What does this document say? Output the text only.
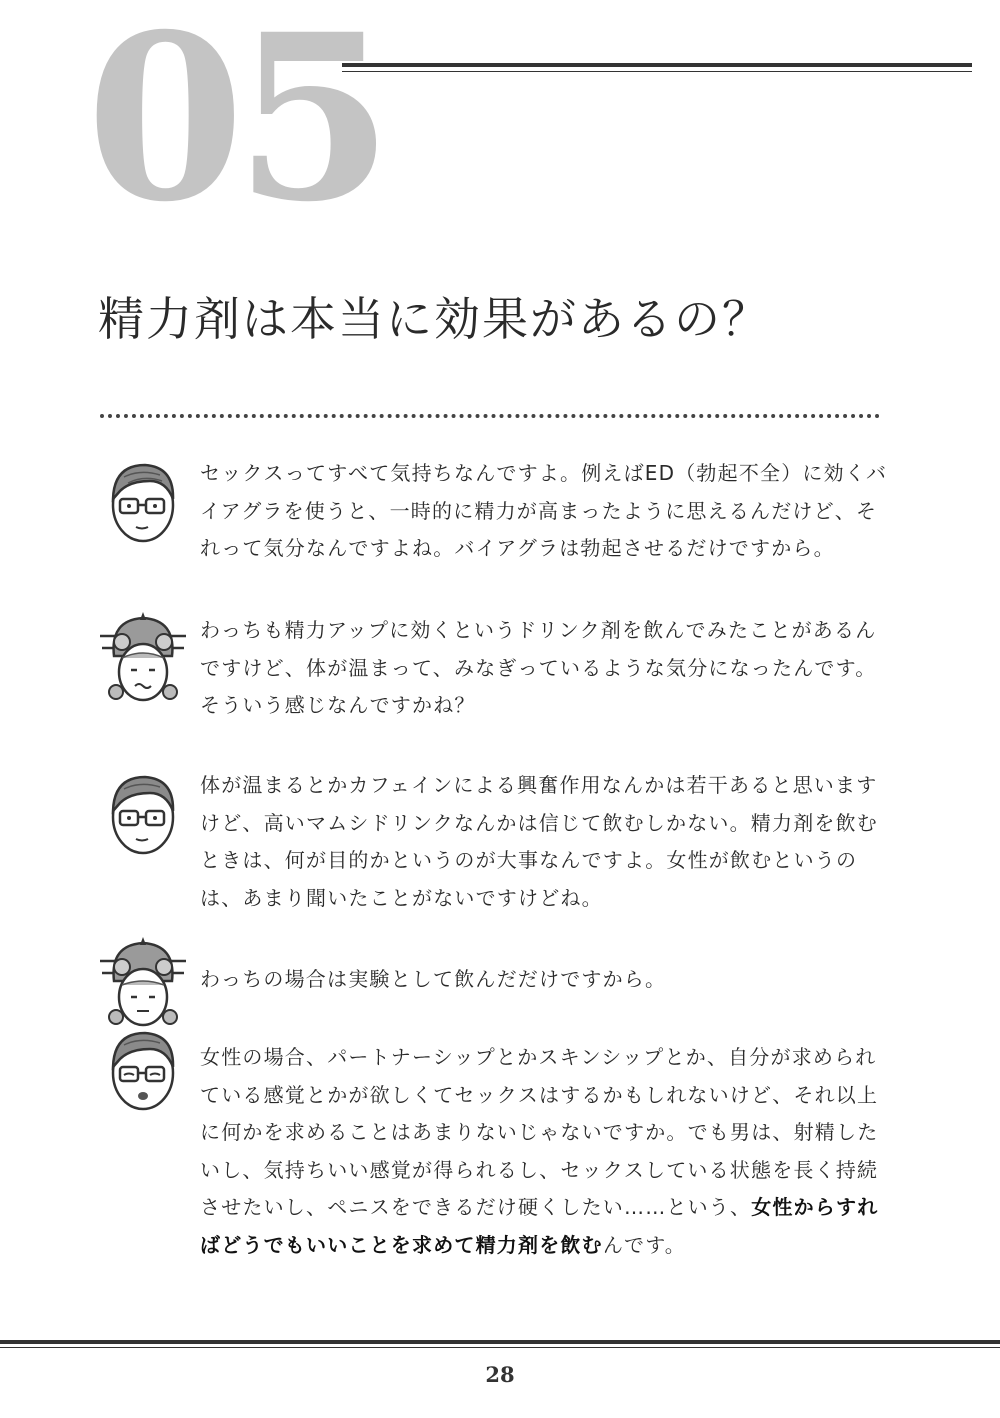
05
精力剤は本当に効果があるの？

セックスってすべて気持ちなんですよ。例えばED（勃起不全）に効くバイアグラを使うと、一時的に精力が高まったように思えるんだけど、それって気分なんですよね。バイアグラは勃起させるだけですから。

わっちも精力アップに効くというドリンク剤を飲んでみたことがあるんですけど、体が温まって、みなぎっているような気分になったんです。そういう感じなんですかね？

体が温まるとかカフェインによる興奮作用なんかは若干あると思いますけど、高いマムシドリンクなんかは信じて飲むしかない。精力剤を飲むときは、何が目的かというのが大事なんですよ。女性が飲むというのは、あまり聞いたことがないですけどね。

わっちの場合は実験として飲んだだけですから。

女性の場合、パートナーシップとかスキンシップとか、自分が求められている感覚とかが欲しくてセックスはするかもしれないけど、それ以上に何かを求めることはあまりないじゃないですか。でも男は、射精したいし、気持ちいい感覚が得られるし、セックスしている状態を長く持続させたいし、ペニスをできるだけ硬くしたい……という、女性からすればどうでもいいことを求めて精力剤を飲むんです。

28
